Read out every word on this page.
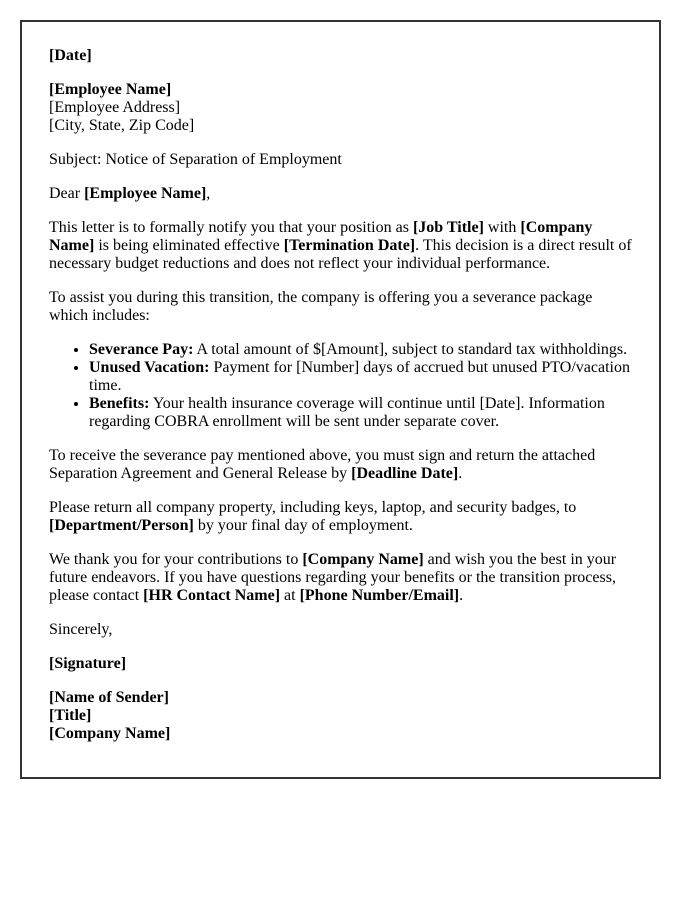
[Date]

[Employee Name]
[Employee Address]
[City, State, Zip Code]

Subject: Notice of Separation of Employment

Dear [Employee Name],

This letter is to formally notify you that your position as [Job Title] with [Company Name] is being eliminated effective [Termination Date]. This decision is a direct result of necessary budget reductions and does not reflect your individual performance.

To assist you during this transition, the company is offering you a severance package which includes:

• Severance Pay: A total amount of $[Amount], subject to standard tax withholdings.
• Unused Vacation: Payment for [Number] days of accrued but unused PTO/vacation time.
• Benefits: Your health insurance coverage will continue until [Date]. Information regarding COBRA enrollment will be sent under separate cover.

To receive the severance pay mentioned above, you must sign and return the attached Separation Agreement and General Release by [Deadline Date].

Please return all company property, including keys, laptop, and security badges, to [Department/Person] by your final day of employment.

We thank you for your contributions to [Company Name] and wish you the best in your future endeavors. If you have questions regarding your benefits or the transition process, please contact [HR Contact Name] at [Phone Number/Email].

Sincerely,

[Signature]

[Name of Sender]
[Title]
[Company Name]
